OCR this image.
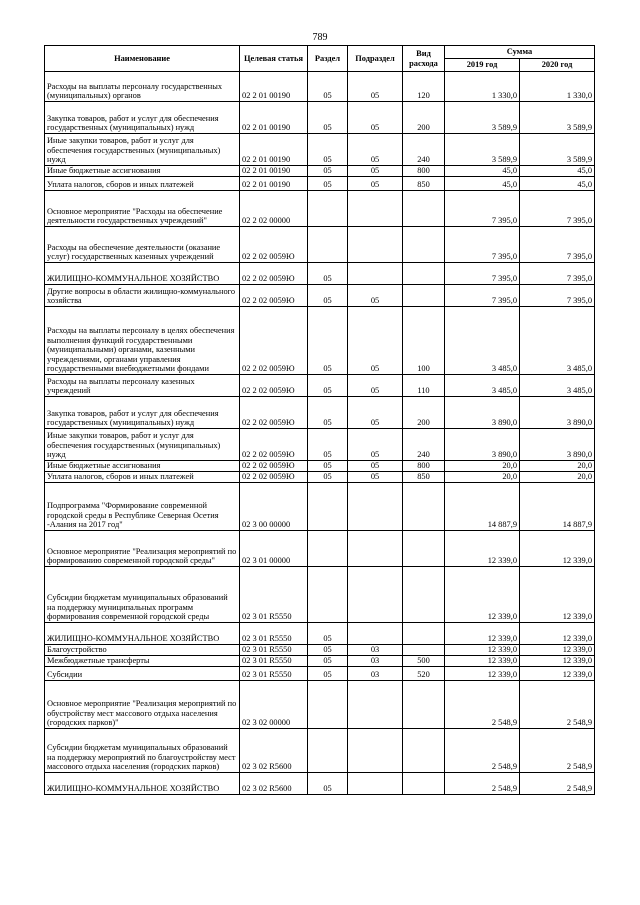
789
Наименование	Целевая статья	Раздел	Подраздел	Вид расхода	Сумма	
					2019 год	2020 год
Расходы на выплаты персоналу государственных (муниципальных) органов	02 2 01 00190	05	05	120	1 330,0	1 330,0
Закупка товаров, работ и услуг для обеспечения государственных (муниципальных) нужд	02 2 01 00190	05	05	200	3 589,9	3 589,9
Иные закупки товаров, работ и услуг для обеспечения государственных (муниципальных) нужд	02 2 01 00190	05	05	240	3 589,9	3 589,9
Иные бюджетные ассигнования	02 2 01 00190	05	05	800	45,0	45,0
Уплата налогов, сборов и иных платежей	02 2 01 00190	05	05	850	45,0	45,0
Основное мероприятие "Расходы на обеспечение деятельности государственных учреждений"	02 2 02 00000				7 395,0	7 395,0
Расходы на обеспечение деятельности (оказание услуг) государственных казенных учреждений	02 2 02 0059Ю				7 395,0	7 395,0
ЖИЛИЩНО-КОММУНАЛЬНОЕ ХОЗЯЙСТВО	02 2 02 0059Ю	05			7 395,0	7 395,0
Другие вопросы в области жилищно-коммунального хозяйства	02 2 02 0059Ю	05	05		7 395,0	7 395,0
Расходы на выплаты персоналу в целях обеспечения выполнения функций государственными (муниципальными) органами, казенными учреждениями, органами управления государственными внебюджетными фондами	02 2 02 0059Ю	05	05	100	3 485,0	3 485,0
Расходы на выплаты персоналу казенных учреждений	02 2 02 0059Ю	05	05	110	3 485,0	3 485,0
Закупка товаров, работ и услуг для обеспечения государственных (муниципальных) нужд	02 2 02 0059Ю	05	05	200	3 890,0	3 890,0
Иные закупки товаров, работ и услуг для обеспечения государственных (муниципальных) нужд	02 2 02 0059Ю	05	05	240	3 890,0	3 890,0
Иные бюджетные ассигнования	02 2 02 0059Ю	05	05	800	20,0	20,0
Уплата налогов, сборов и иных платежей	02 2 02 0059Ю	05	05	850	20,0	20,0
Подпрограмма "Формирование современной городской среды в Республике Северная Осетия -Алания на 2017 год"	02 3 00 00000				14 887,9	14 887,9
Основное мероприятие "Реализация мероприятий по формированию современной городской среды"	02 3 01 00000				12 339,0	12 339,0
Субсидии бюджетам муниципальных образований на поддержку муниципальных программ формирования современной городской среды	02 3 01 R5550				12 339,0	12 339,0
ЖИЛИЩНО-КОММУНАЛЬНОЕ ХОЗЯЙСТВО	02 3 01 R5550	05			12 339,0	12 339,0
Благоустройство	02 3 01 R5550	05	03		12 339,0	12 339,0
Межбюджетные трансферты	02 3 01 R5550	05	03	500	12 339,0	12 339,0
Субсидии	02 3 01 R5550	05	03	520	12 339,0	12 339,0
Основное мероприятие "Реализация мероприятий по обустройству мест массового отдыха населения (городских парков)"	02 3 02 00000				2 548,9	2 548,9
Субсидии бюджетам муниципальных образований на поддержку мероприятий по благоустройству мест массового отдыха населения (городских парков)	02 3 02 R5600				2 548,9	2 548,9
ЖИЛИЩНО-КОММУНАЛЬНОЕ ХОЗЯЙСТВО	02 3 02 R5600	05			2 548,9	2 548,9
